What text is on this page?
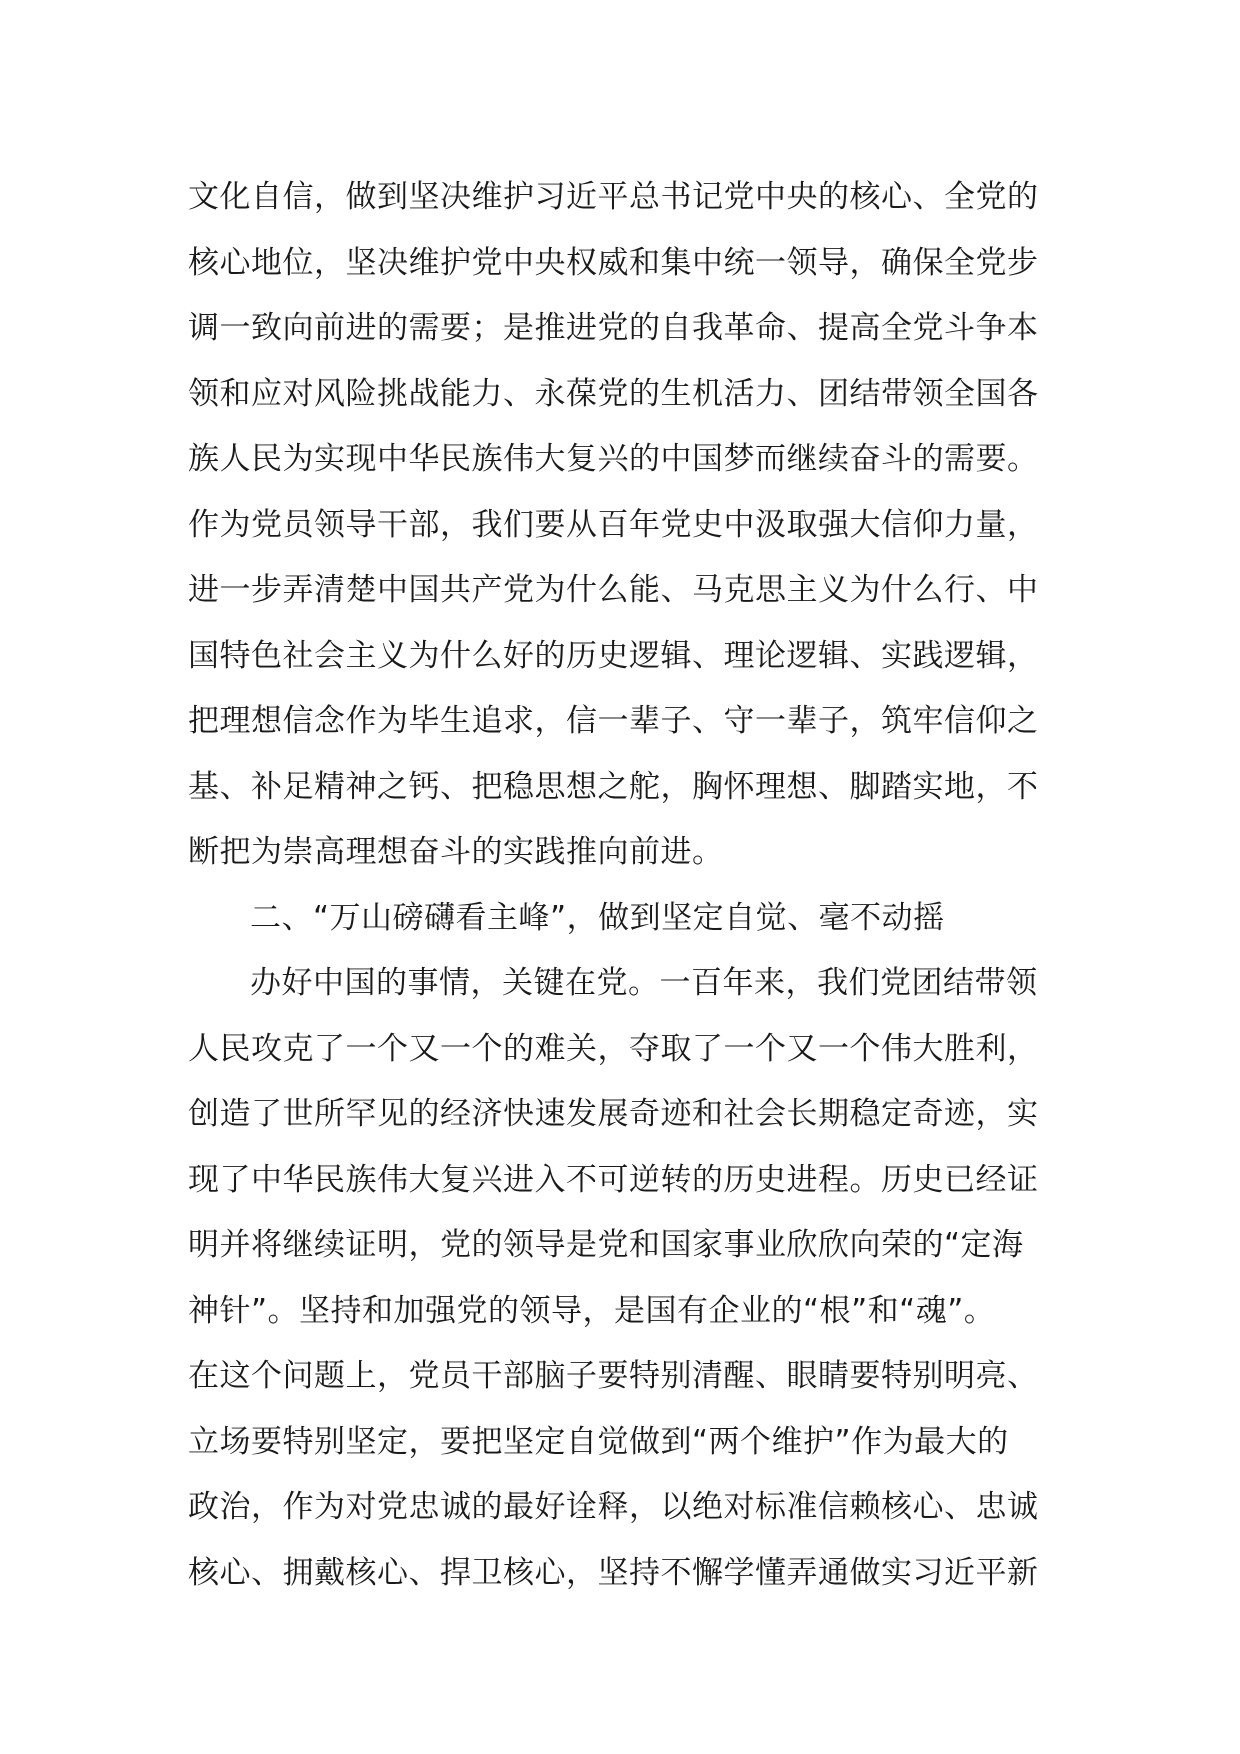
文化自信，做到坚决维护习近平总书记党中央的核心、全党的
核心地位，坚决维护党中央权威和集中统一领导，确保全党步
调一致向前进的需要；是推进党的自我革命、提高全党斗争本
领和应对风险挑战能力、永葆党的生机活力、团结带领全国各
族人民为实现中华民族伟大复兴的中国梦而继续奋斗的需要。
作为党员领导干部，我们要从百年党史中汲取强大信仰力量，
进一步弄清楚中国共产党为什么能、马克思主义为什么行、中
国特色社会主义为什么好的历史逻辑、理论逻辑、实践逻辑，
把理想信念作为毕生追求，信一辈子、守一辈子，筑牢信仰之
基、补足精神之钙、把稳思想之舵，胸怀理想、脚踏实地，不
断把为崇高理想奋斗的实践推向前进。
二、“万山磅礴看主峰”，做到坚定自觉、毫不动摇
办好中国的事情，关键在党。一百年来，我们党团结带领
人民攻克了一个又一个的难关，夺取了一个又一个伟大胜利，
创造了世所罕见的经济快速发展奇迹和社会长期稳定奇迹，实
现了中华民族伟大复兴进入不可逆转的历史进程。历史已经证
明并将继续证明，党的领导是党和国家事业欣欣向荣的“定海
神针”。坚持和加强党的领导，是国有企业的“根”和“魂”。
在这个问题上，党员干部脑子要特别清醒、眼睛要特别明亮、
立场要特别坚定，要把坚定自觉做到“两个维护”作为最大的
政治，作为对党忠诚的最好诠释，以绝对标准信赖核心、忠诚
核心、拥戴核心、捍卫核心，坚持不懈学懂弄通做实习近平新
